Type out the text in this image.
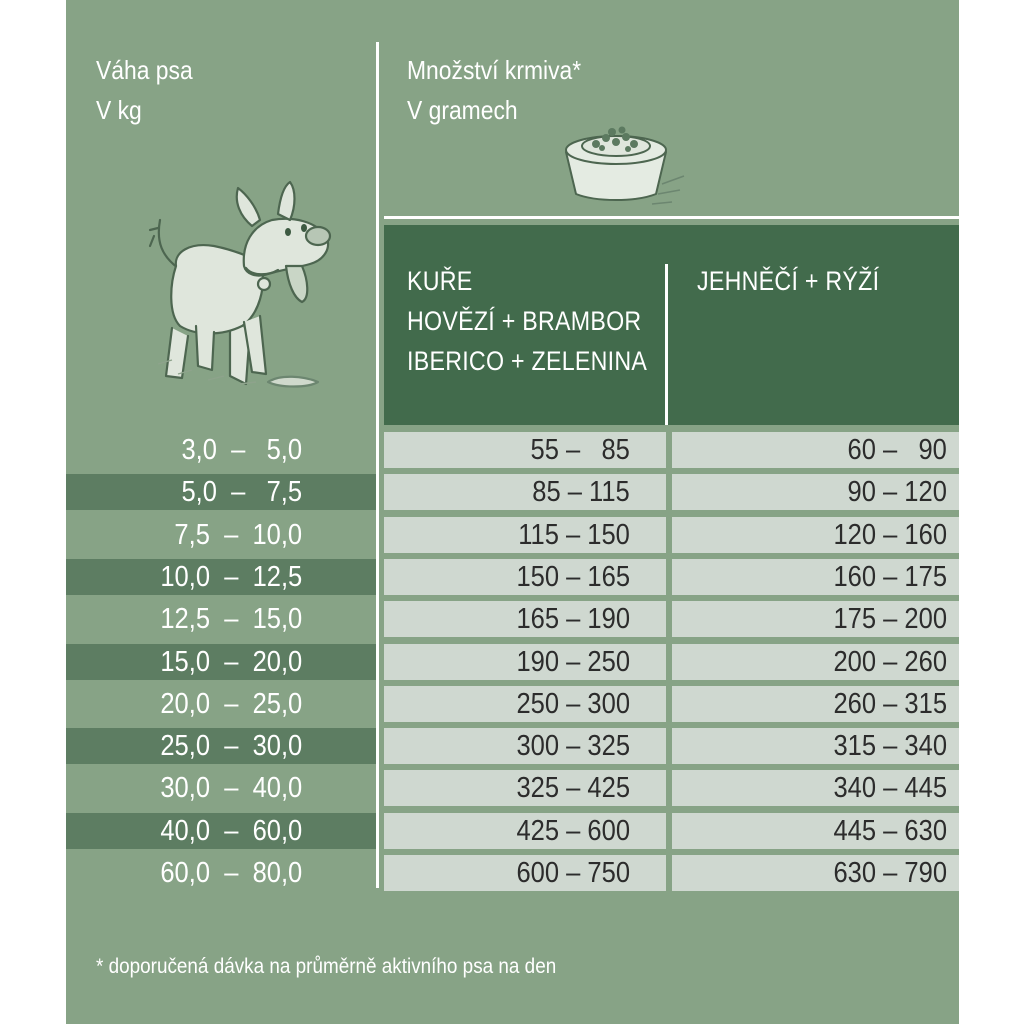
Váha psa
V kg
Množství krmiva*
V gramech
KUŘE
HOVĚZÍ + BRAMBOR
IBERICO + ZELENINA
JEHNĚČÍ + RÝŽÍ
3,0  –   5,0	55 –   85	60 –   90
5,0  –   7,5	85 – 115	90 – 120
7,5  –  10,0	115 – 150	120 – 160
10,0  –  12,5	150 – 165	160 – 175
12,5  –  15,0	165 – 190	175 – 200
15,0  –  20,0	190 – 250	200 – 260
20,0  –  25,0	250 – 300	260 – 315
25,0  –  30,0	300 – 325	315 – 340
30,0  –  40,0	325 – 425	340 – 445
40,0  –  60,0	425 – 600	445 – 630
60,0  –  80,0	600 – 750	630 – 790
* doporučená dávka na průměrně aktivního psa na den
